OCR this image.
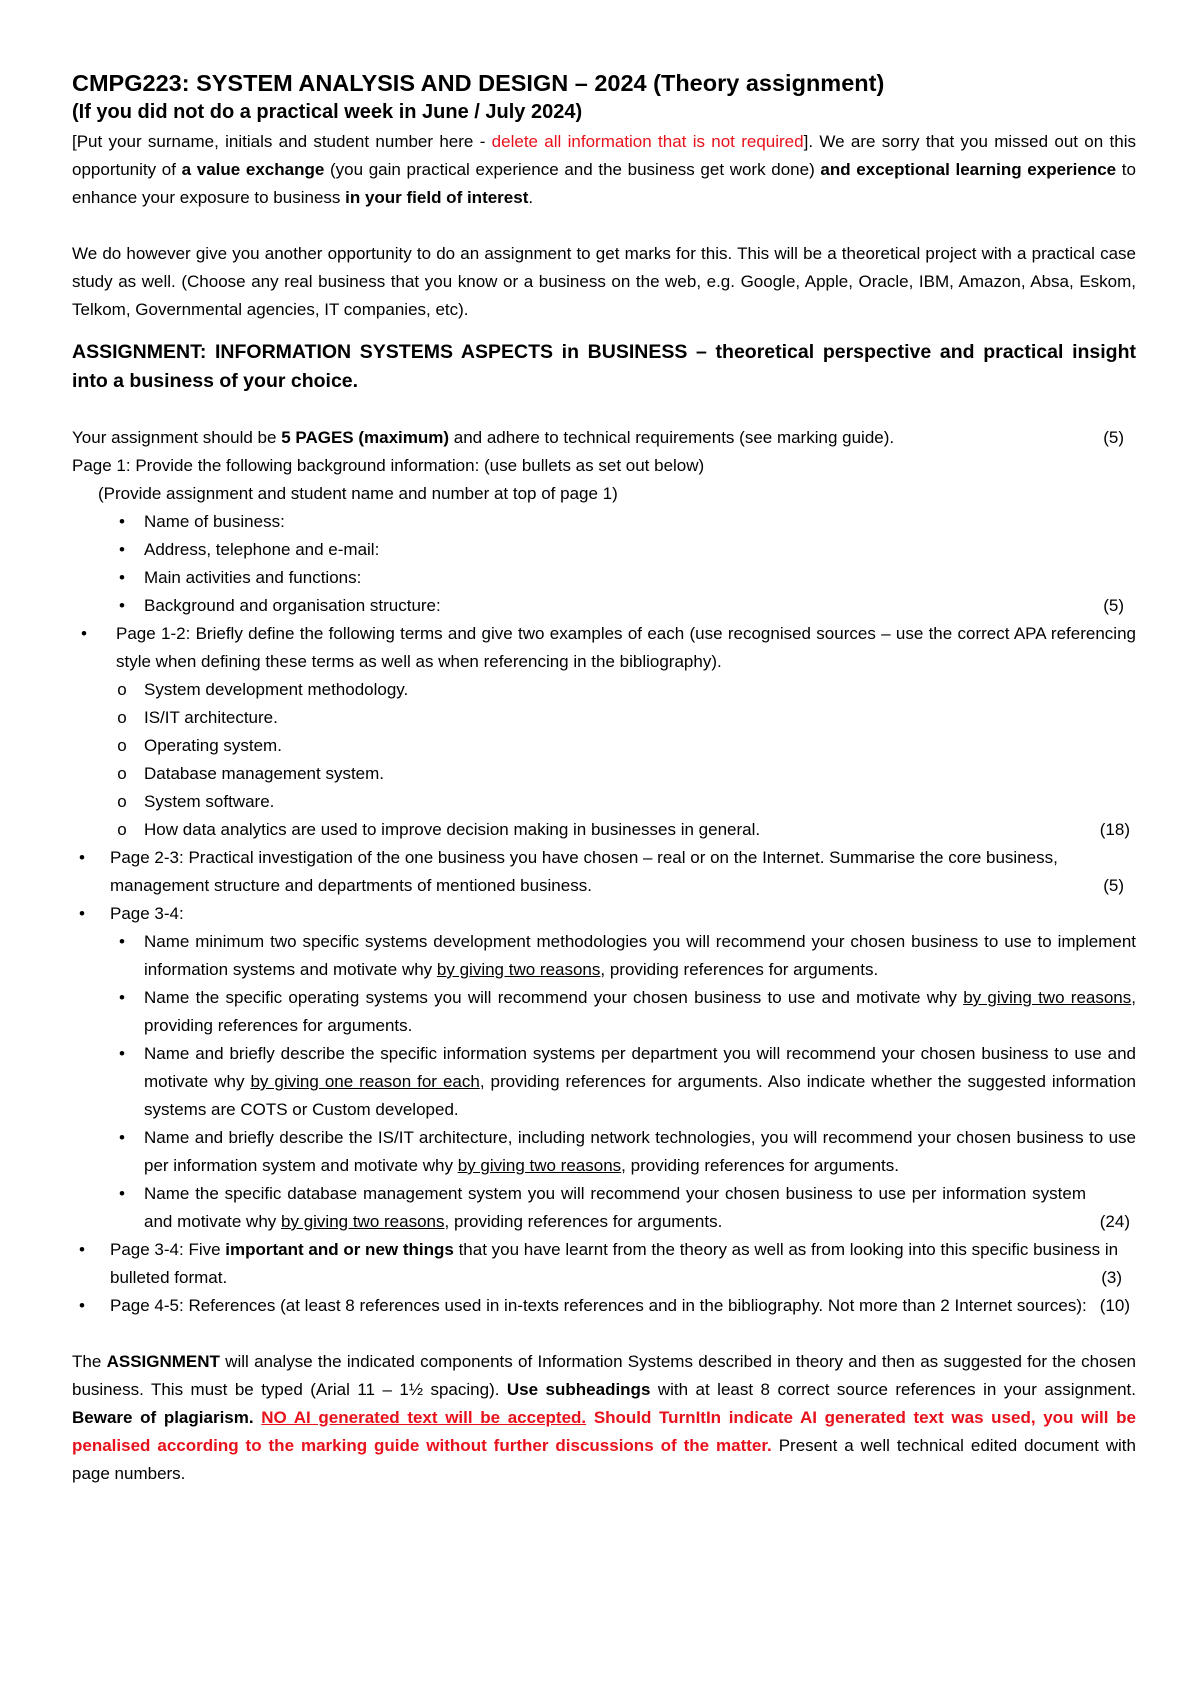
CMPG223: SYSTEM ANALYSIS AND DESIGN – 2024 (Theory assignment)

(If you did not do a practical week in June / July 2024)

[Put your surname, initials and student number here - delete all information that is not required]. We are sorry that you missed out on this opportunity of a value exchange (you gain practical experience and the business get work done) and exceptional learning experience to enhance your exposure to business in your field of interest.

We do however give you another opportunity to do an assignment to get marks for this. This will be a theoretical project with a practical case study as well. (Choose any real business that you know or a business on the web, e.g. Google, Apple, Oracle, IBM, Amazon, Absa, Eskom, Telkom, Governmental agencies, IT companies, etc).

ASSIGNMENT: INFORMATION SYSTEMS ASPECTS in BUSINESS – theoretical perspective and practical insight into a business of your choice.

Your assignment should be 5 PAGES (maximum) and adhere to technical requirements (see marking guide).	(5)
Page 1: Provide the following background information: (use bullets as set out below)
(Provide assignment and student name and number at top of page 1)
•	Name of business:
•	Address, telephone and e-mail:
•	Main activities and functions:
•	Background and organisation structure:	(5)
•	Page 1-2: Briefly define the following terms and give two examples of each (use recognised sources – use the correct APA referencing style when defining these terms as well as when referencing in the bibliography).
o	System development methodology.
o	IS/IT architecture.
o	Operating system.
o	Database management system.
o	System software.
o	How data analytics are used to improve decision making in businesses in general.	(18)
•	Page 2-3: Practical investigation of the one business you have chosen – real or on the Internet. Summarise the core business, management structure and departments of mentioned business.	(5)
•	Page 3-4:
•	Name minimum two specific systems development methodologies you will recommend your chosen business to use to implement information systems and motivate why by giving two reasons, providing references for arguments.
•	Name the specific operating systems you will recommend your chosen business to use and motivate why by giving two reasons, providing references for arguments.
•	Name and briefly describe the specific information systems per department you will recommend your chosen business to use and motivate why by giving one reason for each, providing references for arguments. Also indicate whether the suggested information systems are COTS or Custom developed.
•	Name and briefly describe the IS/IT architecture, including network technologies, you will recommend your chosen business to use per information system and motivate why by giving two reasons, providing references for arguments.
•	Name the specific database management system you will recommend your chosen business to use per information system and motivate why by giving two reasons, providing references for arguments.	(24)
•	Page 3-4: Five important and or new things that you have learnt from the theory as well as from looking into this specific business in bulleted format.	(3)
•	Page 4-5: References (at least 8 references used in in-texts references and in the bibliography. Not more than 2 Internet sources): (10)

The ASSIGNMENT will analyse the indicated components of Information Systems described in theory and then as suggested for the chosen business. This must be typed (Arial 11 – 1½ spacing). Use subheadings with at least 8 correct source references in your assignment. Beware of plagiarism. NO AI generated text will be accepted. Should TurnItIn indicate AI generated text was used, you will be penalised according to the marking guide without further discussions of the matter. Present a well technical edited document with page numbers.
